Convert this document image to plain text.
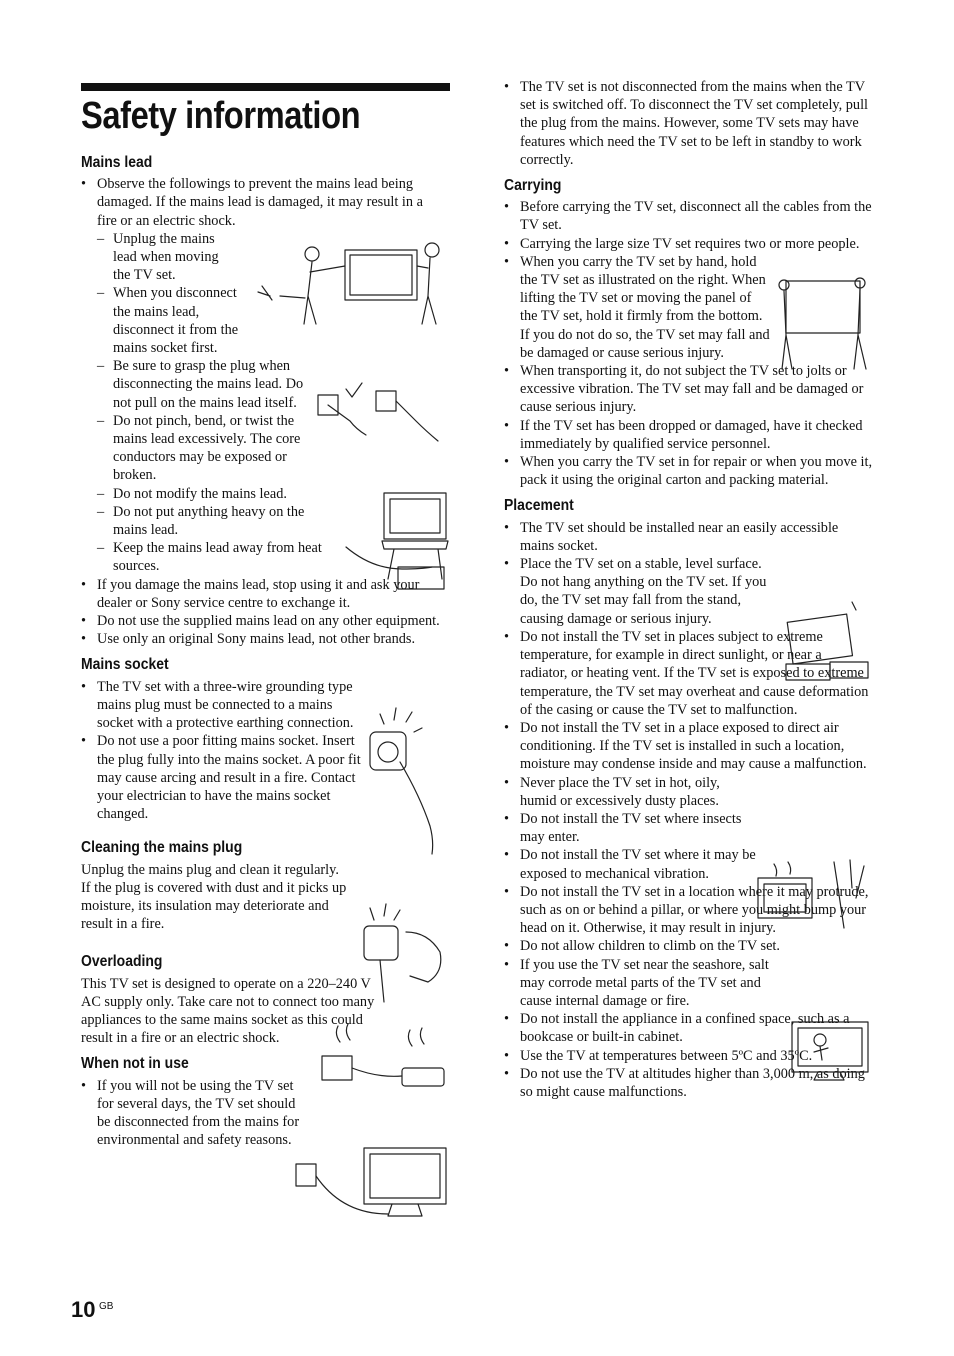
Safety information
Mains lead
• Observe the followings to prevent the mains lead being damaged. If the mains lead is damaged, it may result in a fire or an electric shock.
– Unplug the mains lead when moving the TV set.
– When you disconnect the mains lead, disconnect it from the mains socket first.
– Be sure to grasp the plug when disconnecting the mains lead. Do not pull on the mains lead itself.
– Do not pinch, bend, or twist the mains lead excessively. The core conductors may be exposed or broken.
– Do not modify the mains lead.
– Do not put anything heavy on the mains lead.
– Keep the mains lead away from heat sources.
• If you damage the mains lead, stop using it and ask your dealer or Sony service centre to exchange it.
• Do not use the supplied mains lead on any other equipment.
• Use only an original Sony mains lead, not other brands.
Mains socket
• The TV set with a three-wire grounding type mains plug must be connected to a mains socket with a protective earthing connection.
• Do not use a poor fitting mains socket. Insert the plug fully into the mains socket. A poor fit may cause arcing and result in a fire. Contact your electrician to have the mains socket changed.
Cleaning the mains plug
Unplug the mains plug and clean it regularly. If the plug is covered with dust and it picks up moisture, its insulation may deteriorate and result in a fire.
Overloading
This TV set is designed to operate on a 220–240 V AC supply only. Take care not to connect too many appliances to the same mains socket as this could result in a fire or an electric shock.
When not in use
• If you will not be using the TV set for several days, the TV set should be disconnected from the mains for environmental and safety reasons.
• The TV set is not disconnected from the mains when the TV set is switched off. To disconnect the TV set completely, pull the plug from the mains. However, some TV sets may have features which need the TV set to be left in standby to work correctly.
Carrying
• Before carrying the TV set, disconnect all the cables from the TV set.
• Carrying the large size TV set requires two or more people.
• When you carry the TV set by hand, hold the TV set as illustrated on the right. When lifting the TV set or moving the panel of the TV set, hold it firmly from the bottom. If you do not do so, the TV set may fall and be damaged or cause serious injury.
• When transporting it, do not subject the TV set to jolts or excessive vibration. The TV set may fall and be damaged or cause serious injury.
• If the TV set has been dropped or damaged, have it checked immediately by qualified service personnel.
• When you carry the TV set in for repair or when you move it, pack it using the original carton and packing material.
Placement
• The TV set should be installed near an easily accessible mains socket.
• Place the TV set on a stable, level surface. Do not hang anything on the TV set. If you do, the TV set may fall from the stand, causing damage or serious injury.
• Do not install the TV set in places subject to extreme temperature, for example in direct sunlight, or near a radiator, or heating vent. If the TV set is exposed to extreme temperature, the TV set may overheat and cause deformation of the casing or cause the TV set to malfunction.
• Do not install the TV set in a place exposed to direct air conditioning. If the TV set is installed in such a location, moisture may condense inside and may cause a malfunction.
• Never place the TV set in hot, oily, humid or excessively dusty places.
• Do not install the TV set where insects may enter.
• Do not install the TV set where it may be exposed to mechanical vibration.
• Do not install the TV set in a location where it may protrude, such as on or behind a pillar, or where you might bump your head on it. Otherwise, it may result in injury.
• Do not allow children to climb on the TV set.
• If you use the TV set near the seashore, salt may corrode metal parts of the TV set and cause internal damage or fire.
• Do not install the appliance in a confined space, such as a bookcase or built-in cabinet.
• Use the TV at temperatures between 5ºC and 35ºC.
• Do not use the TV at altitudes higher than 3,000 m, as doing so might cause malfunctions.
10 GB
